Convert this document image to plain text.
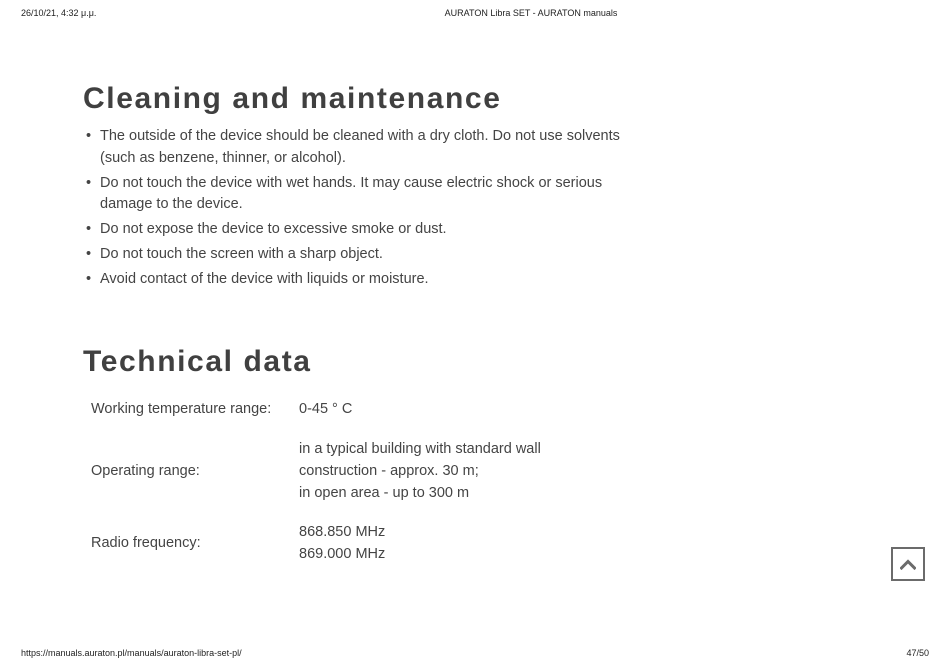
26/10/21, 4:32 μ.μ.	AURATON Libra SET - AURATON manuals
Cleaning and maintenance
• The outside of the device should be cleaned with a dry cloth. Do not use solvents (such as benzene, thinner, or alcohol).
• Do not touch the device with wet hands. It may cause electric shock or serious damage to the device.
• Do not expose the device to excessive smoke or dust.
• Do not touch the screen with a sharp object.
• Avoid contact of the device with liquids or moisture.
Technical data
Working temperature range: 0-45 ° C
Operating range:
in a typical building with standard wall
construction - approx. 30 m;
in open area - up to 300 m
Radio frequency:
868.850 MHz
869.000 MHz
https://manuals.auraton.pl/manuals/auraton-libra-set-pl/	47/50
